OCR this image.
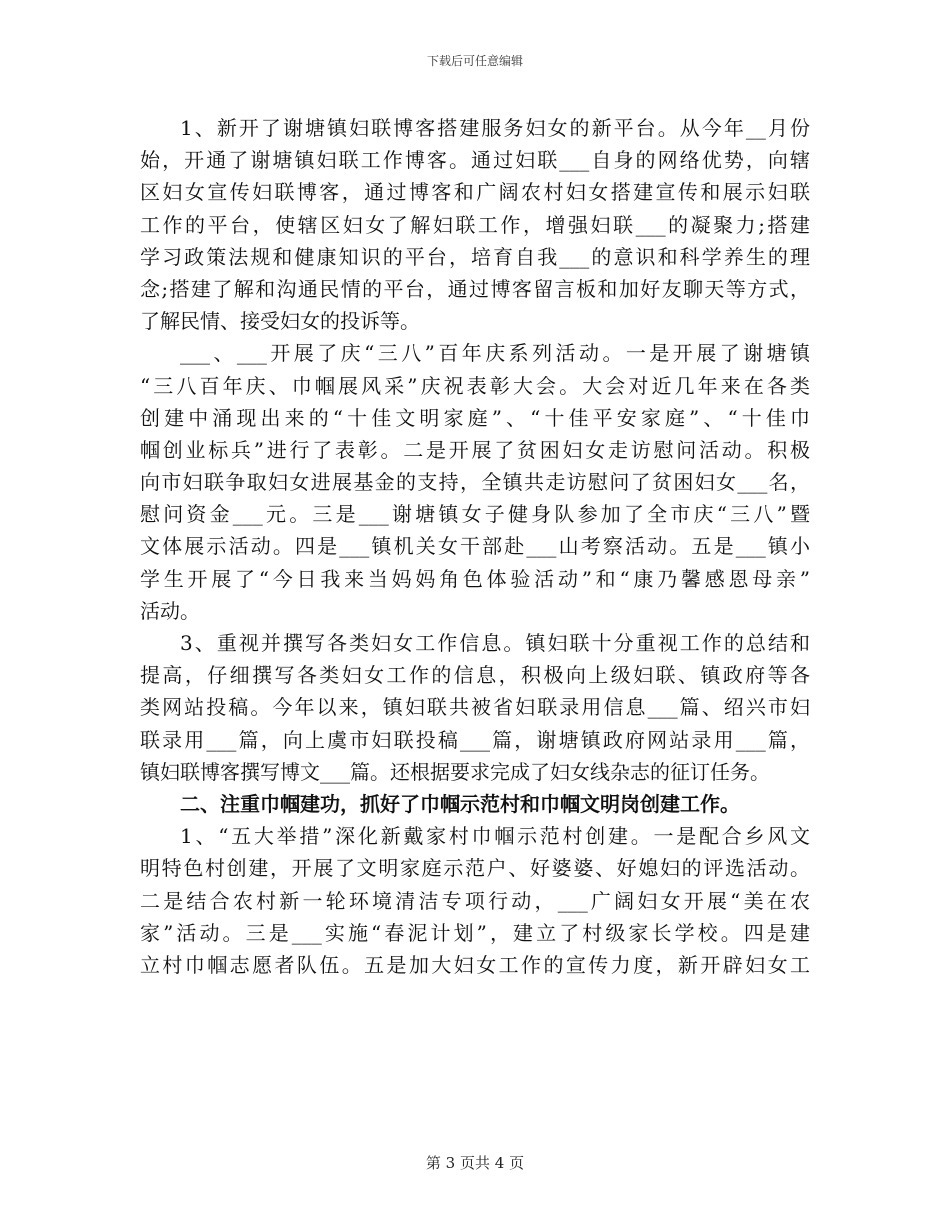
下载后可任意编辑
1、新开了谢塘镇妇联博客搭建服务妇女的新平台。从今年__月份
始，开通了谢塘镇妇联工作博客。通过妇联___自身的网络优势，向辖
区妇女宣传妇联博客，通过博客和广阔农村妇女搭建宣传和展示妇联
工作的平台，使辖区妇女了解妇联工作，增强妇联___的凝聚力;搭建
学习政策法规和健康知识的平台，培育自我___的意识和科学养生的理
念;搭建了解和沟通民情的平台，通过博客留言板和加好友聊天等方式，
了解民情、接受妇女的投诉等。
___、___开展了庆“三八”百年庆系列活动。一是开展了谢塘镇
“三八百年庆、巾帼展风采”庆祝表彰大会。大会对近几年来在各类
创建中涌现出来的“十佳文明家庭”、“十佳平安家庭”、“十佳巾
帼创业标兵”进行了表彰。二是开展了贫困妇女走访慰问活动。积极
向市妇联争取妇女进展基金的支持，全镇共走访慰问了贫困妇女___名，
慰问资金___元。三是___谢塘镇女子健身队参加了全市庆“三八”暨
文体展示活动。四是___镇机关女干部赴___山考察活动。五是___镇小
学生开展了“今日我来当妈妈角色体验活动”和“康乃馨感恩母亲”
活动。
3、重视并撰写各类妇女工作信息。镇妇联十分重视工作的总结和
提高，仔细撰写各类妇女工作的信息，积极向上级妇联、镇政府等各
类网站投稿。今年以来，镇妇联共被省妇联录用信息___篇、绍兴市妇
联录用___篇，向上虞市妇联投稿___篇，谢塘镇政府网站录用___篇，
镇妇联博客撰写博文___篇。还根据要求完成了妇女线杂志的征订任务。
二、注重巾帼建功，抓好了巾帼示范村和巾帼文明岗创建工作。
1、“五大举措”深化新戴家村巾帼示范村创建。一是配合乡风文
明特色村创建，开展了文明家庭示范户、好婆婆、好媳妇的评选活动。
二是结合农村新一轮环境清洁专项行动，___广阔妇女开展“美在农
家”活动。三是___实施“春泥计划”，建立了村级家长学校。四是建
立村巾帼志愿者队伍。五是加大妇女工作的宣传力度，新开辟妇女工
第 3 页共 4 页
